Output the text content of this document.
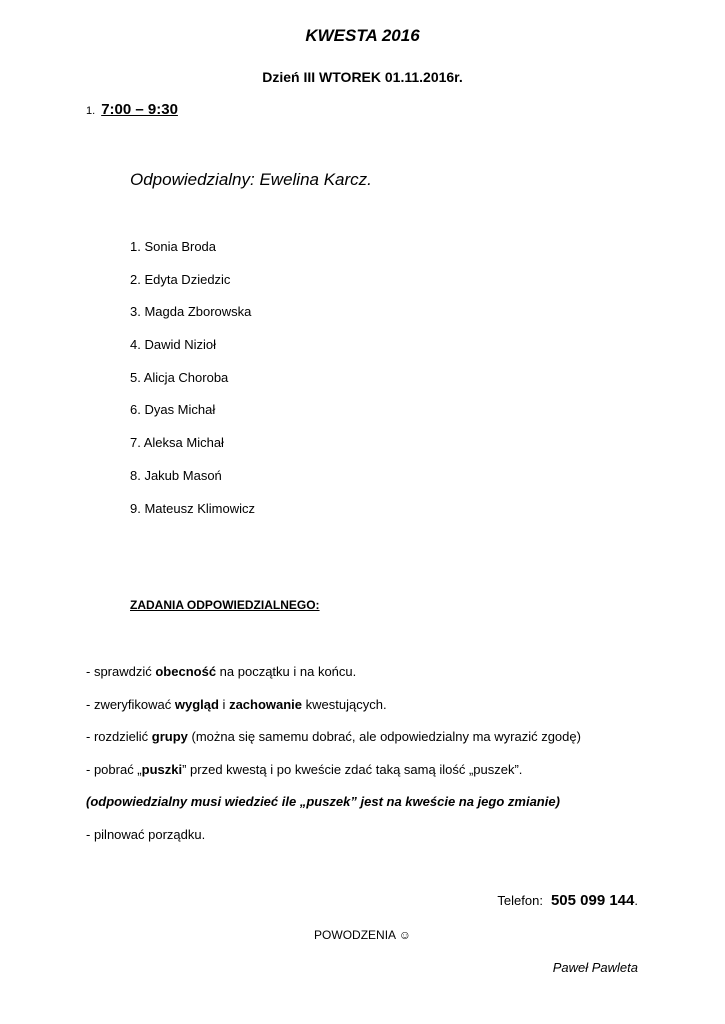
KWESTA 2016
Dzień III WTOREK 01.11.2016r.
1. 7:00 – 9:30
Odpowiedzialny: Ewelina Karcz.
1. Sonia Broda
2. Edyta Dziedzic
3. Magda Zborowska
4. Dawid Nizioł
5. Alicja Choroba
6. Dyas Michał
7. Aleksa Michał
8. Jakub Masoń
9. Mateusz Klimowicz
ZADANIA ODPOWIEDZIALNEGO:
- sprawdzić obecność na początku i na końcu.
- zweryfikować wygląd i zachowanie kwestujących.
- rozdzielić grupy (można się samemu dobrać, ale odpowiedzialny ma wyrazić zgodę)
- pobrać „puszki” przed kwestą i po kweście zdać taką samą ilość „puszek”.
(odpowiedzialny musi wiedzieć ile „puszek” jest na kweście na jego zmianie)
- pilnować porządku.
Telefon: 505 099 144.
POWODZENIA ☺
Paweł Pawleta
